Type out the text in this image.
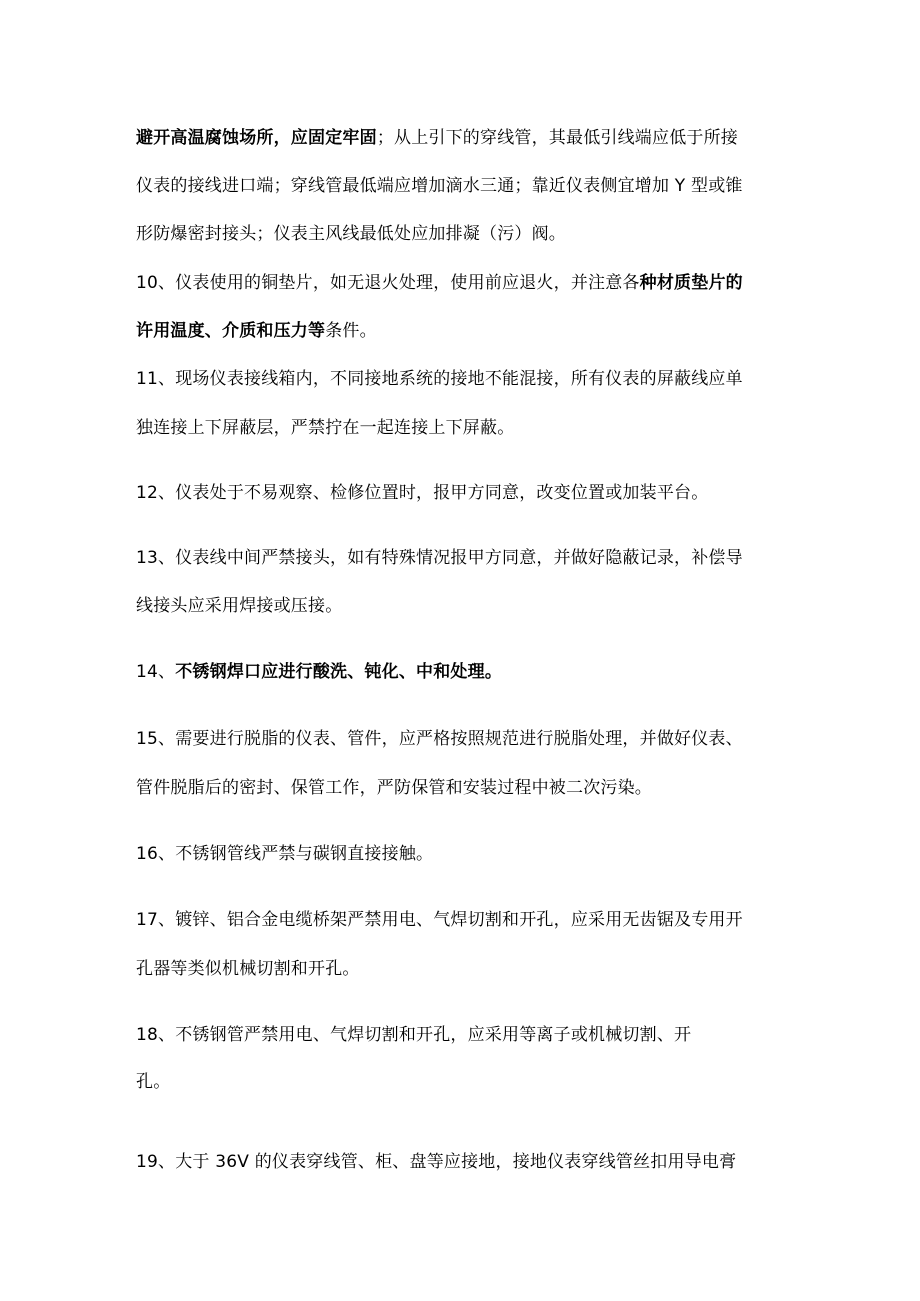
避开高温腐蚀场所，应固定牢固；从上引下的穿线管，其最低引线端应低于所接
仪表的接线进口端；穿线管最低端应增加滴水三通；靠近仪表侧宜增加 Y 型或锥
形防爆密封接头；仪表主风线最低处应加排凝（污）阀。
10、仪表使用的铜垫片，如无退火处理，使用前应退火，并注意各种材质垫片的
许用温度、介质和压力等条件。
11、现场仪表接线箱内，不同接地系统的接地不能混接，所有仪表的屏蔽线应单
独连接上下屏蔽层，严禁拧在一起连接上下屏蔽。
12、仪表处于不易观察、检修位置时，报甲方同意，改变位置或加装平台。
13、仪表线中间严禁接头，如有特殊情况报甲方同意，并做好隐蔽记录，补偿导
线接头应采用焊接或压接。
14、不锈钢焊口应进行酸洗、钝化、中和处理。
15、需要进行脱脂的仪表、管件，应严格按照规范进行脱脂处理，并做好仪表、
管件脱脂后的密封、保管工作，严防保管和安装过程中被二次污染。
16、不锈钢管线严禁与碳钢直接接触。
17、镀锌、铝合金电缆桥架严禁用电、气焊切割和开孔，应采用无齿锯及专用开
孔器等类似机械切割和开孔。
18、不锈钢管严禁用电、气焊切割和开孔，应采用等离子或机械切割、开
孔。
19、大于 36V 的仪表穿线管、柜、盘等应接地，接地仪表穿线管丝扣用导电膏
